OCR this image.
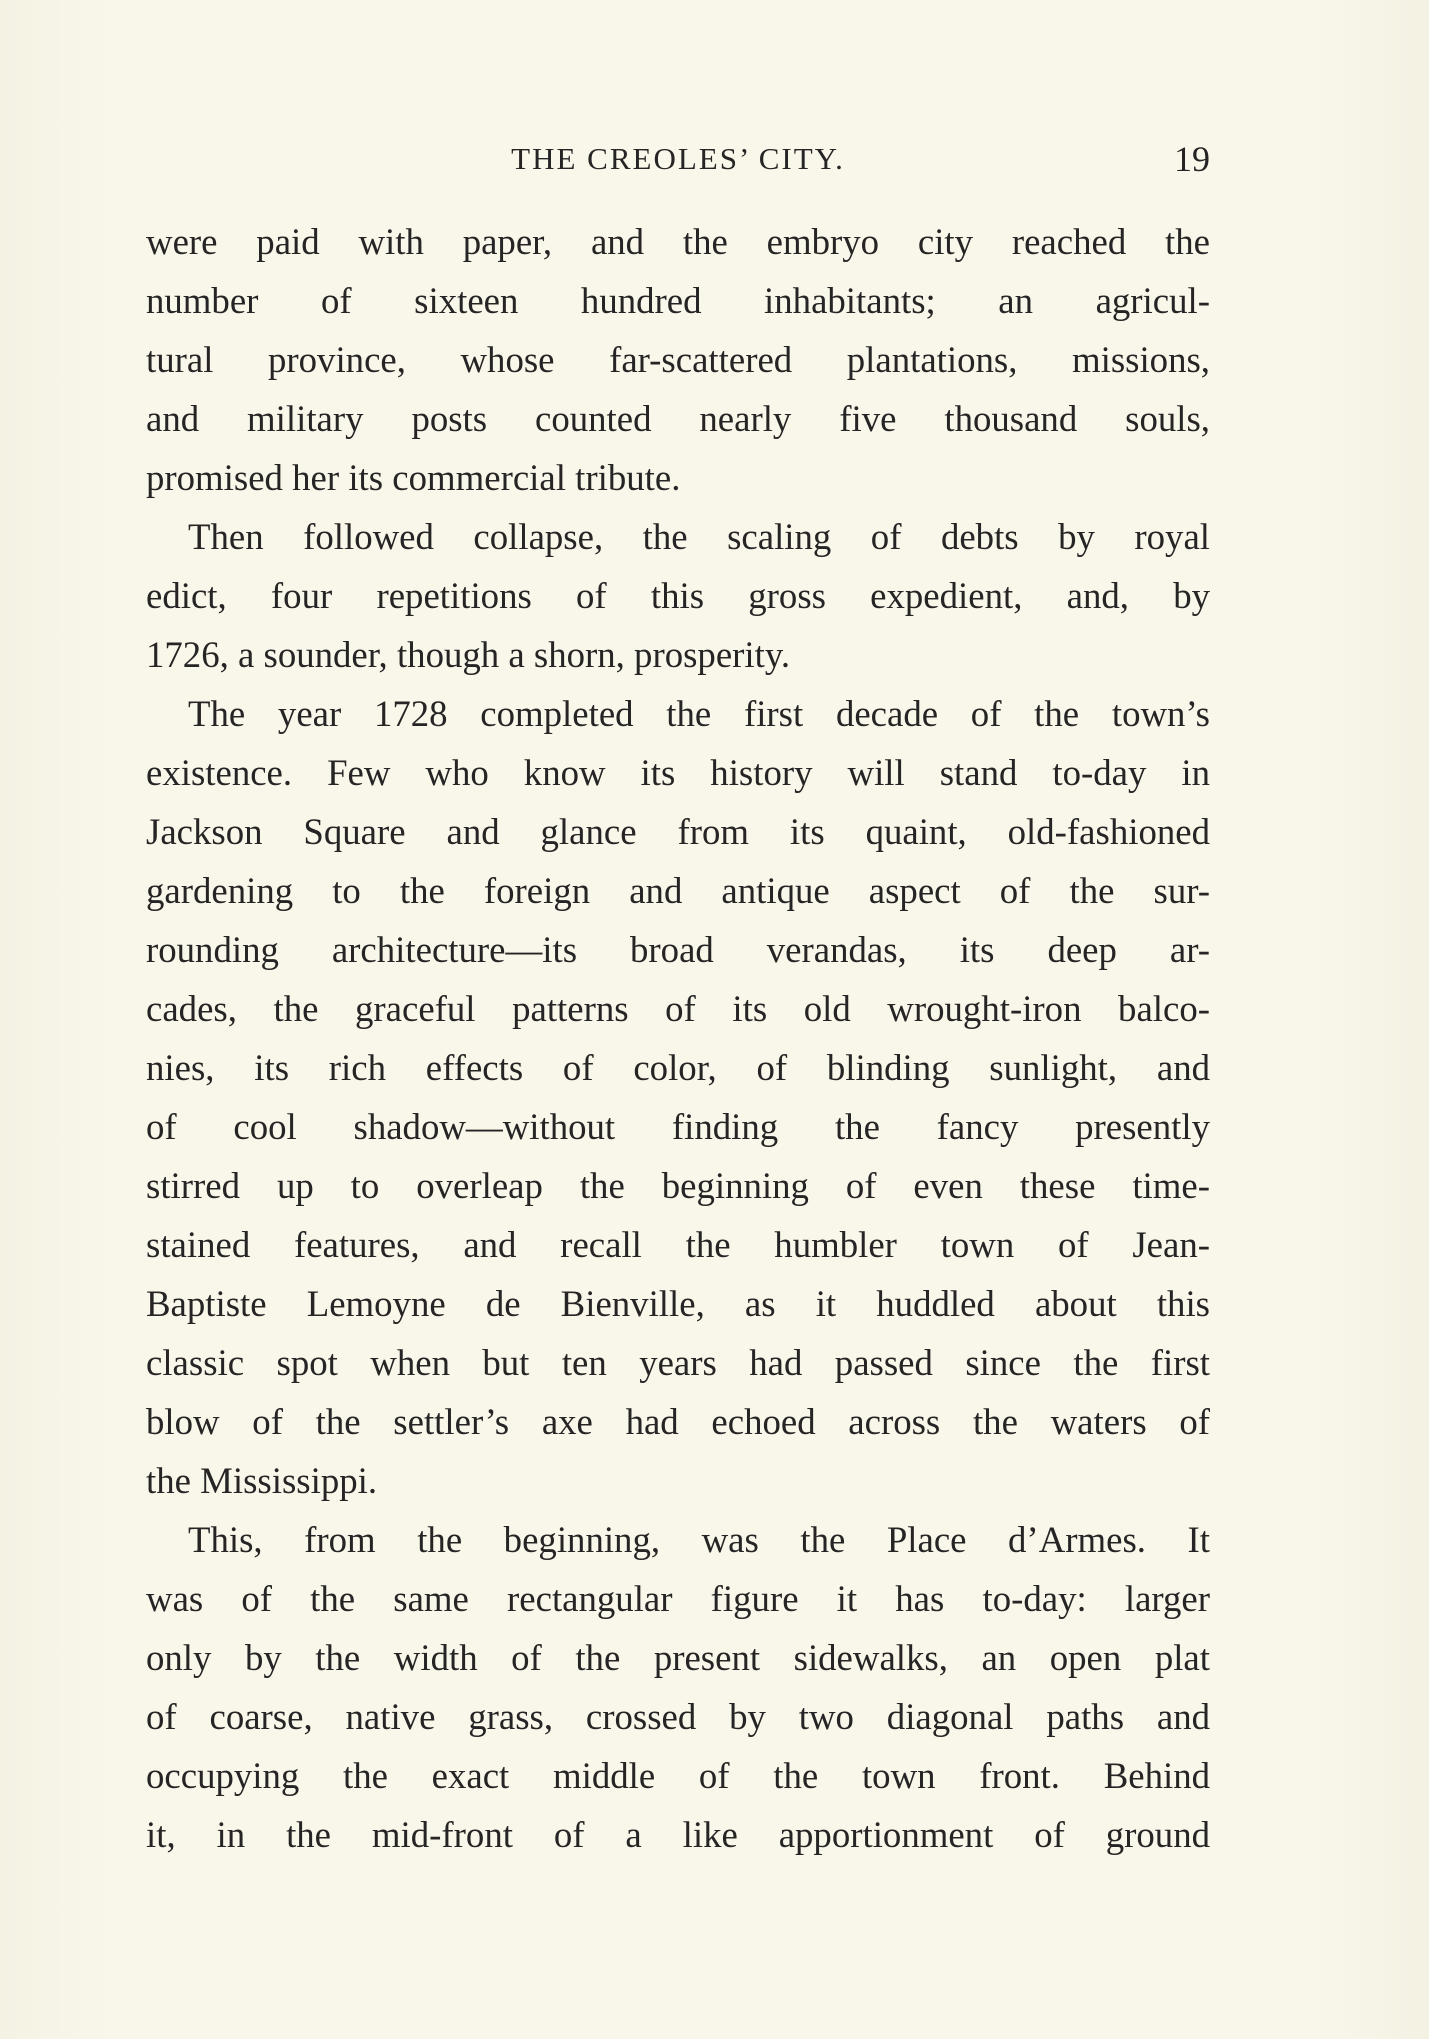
THE CREOLES’ CITY.	19
were paid with paper, and the embryo city reached the
number of sixteen hundred inhabitants; an agricul-
tural province, whose far-scattered plantations, missions,
and military posts counted nearly five thousand souls,
promised her its commercial tribute.
Then followed collapse, the scaling of debts by royal
edict, four repetitions of this gross expedient, and, by
1726, a sounder, though a shorn, prosperity.
The year 1728 completed the first decade of the town’s
existence. Few who know its history will stand to-day in
Jackson Square and glance from its quaint, old-fashioned
gardening to the foreign and antique aspect of the sur-
rounding architecture—its broad verandas, its deep ar-
cades, the graceful patterns of its old wrought-iron balco-
nies, its rich effects of color, of blinding sunlight, and
of cool shadow—without finding the fancy presently
stirred up to overleap the beginning of even these time-
stained features, and recall the humbler town of Jean-
Baptiste Lemoyne de Bienville, as it huddled about this
classic spot when but ten years had passed since the first
blow of the settler’s axe had echoed across the waters of
the Mississippi.
This, from the beginning, was the Place d’Armes. It
was of the same rectangular figure it has to-day: larger
only by the width of the present sidewalks, an open plat
of coarse, native grass, crossed by two diagonal paths and
occupying the exact middle of the town front. Behind
it, in the mid-front of a like apportionment of ground
